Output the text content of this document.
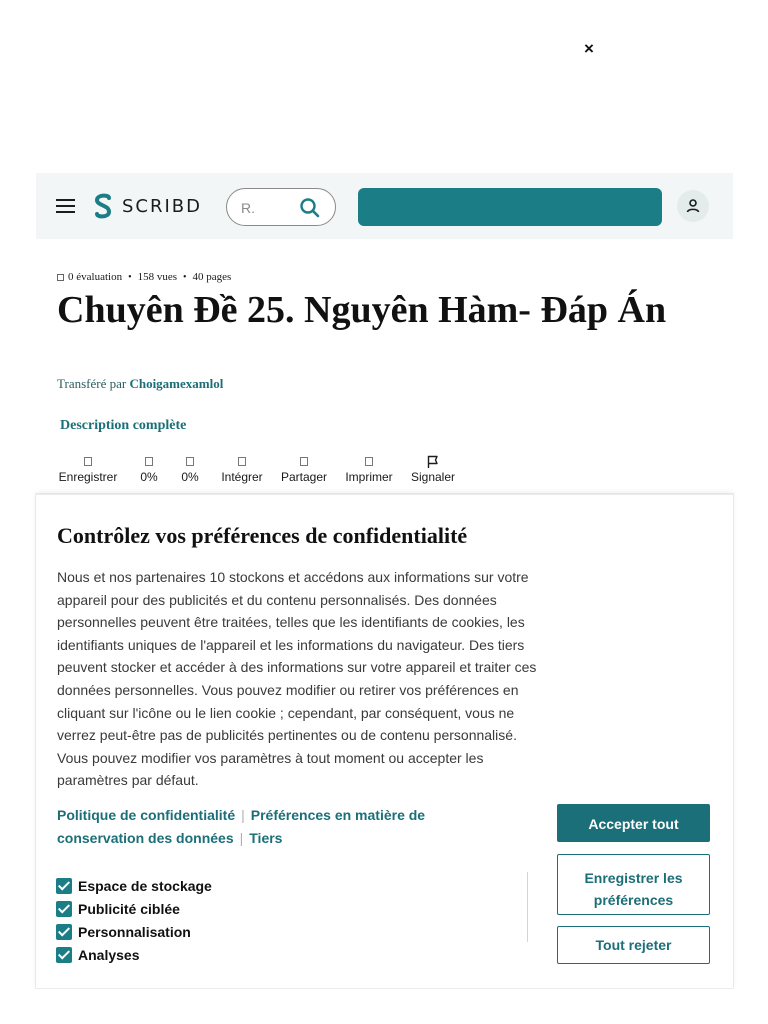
×
SCRIBD
R.
0 évaluation • 158 vues • 40 pages
Chuyên Đề 25. Nguyên Hàm- Đáp Án
Transféré par Choigamexamlol
Description complète
Enregistrer	0%	0%	Intégrer	Partager	Imprimer	Signaler
Contrôlez vos préférences de confidentialité

Nous et nos partenaires 10 stockons et accédons aux informations sur votre appareil pour des publicités et du contenu personnalisés. Des données personnelles peuvent être traitées, telles que les identifiants de cookies, les identifiants uniques de l'appareil et les informations du navigateur. Des tiers peuvent stocker et accéder à des informations sur votre appareil et traiter ces données personnelles. Vous pouvez modifier ou retirer vos préférences en cliquant sur l'icône ou le lien cookie ; cependant, par conséquent, vous ne verrez peut-être pas de publicités pertinentes ou de contenu personnalisé. Vous pouvez modifier vos paramètres à tout moment ou accepter les paramètres par défaut.

Politique de confidentialité | Préférences en matière de conservation des données | Tiers
Espace de stockage
Publicité ciblée
Personnalisation
Analyses
Accepter tout
Enregistrer les préférences
Tout rejeter
